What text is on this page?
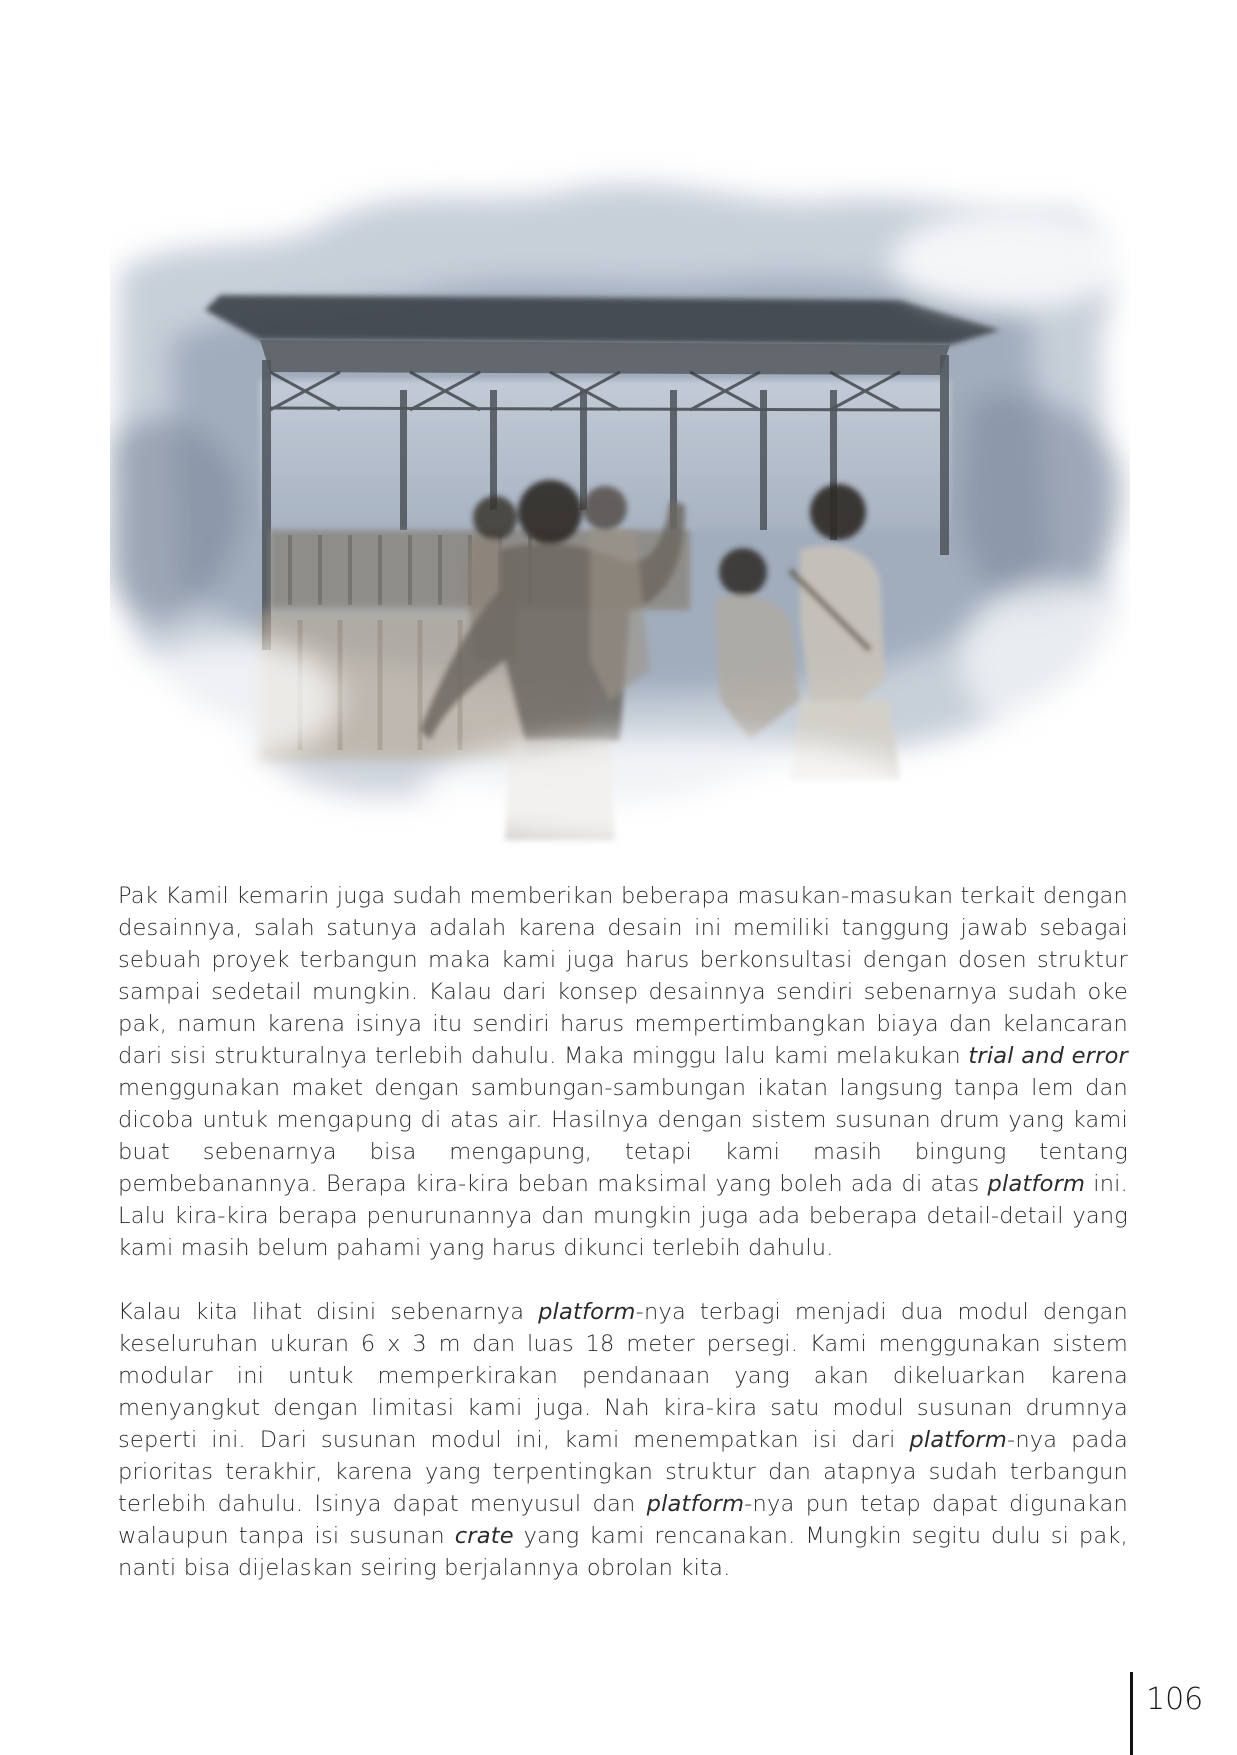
Pak Kamil kemarin juga sudah memberikan beberapa masukan-masukan terkait dengan desainnya, salah satunya adalah karena desain ini memiliki tanggung jawab sebagai sebuah proyek terbangun maka kami juga harus berkonsultasi dengan dosen struktur sampai sedetail mungkin. Kalau dari konsep desainnya sendiri sebenarnya sudah oke pak, namun karena isinya itu sendiri harus mempertimbangkan biaya dan kelancaran dari sisi strukturalnya terlebih dahulu. Maka minggu lalu kami melakukan trial and error menggunakan maket dengan sambungan-sambungan ikatan langsung tanpa lem dan dicoba untuk mengapung di atas air. Hasilnya dengan sistem susunan drum yang kami buat sebenarnya bisa mengapung, tetapi kami masih bingung tentang pembebanannya. Berapa kira-kira beban maksimal yang boleh ada di atas platform ini. Lalu kira-kira berapa penurunannya dan mungkin juga ada beberapa detail-detail yang kami masih belum pahami yang harus dikunci terlebih dahulu.

Kalau kita lihat disini sebenarnya platform-nya terbagi menjadi dua modul dengan keseluruhan ukuran 6 x 3 m dan luas 18 meter persegi. Kami menggunakan sistem modular ini untuk memperkirakan pendanaan yang akan dikeluarkan karena menyangkut dengan limitasi kami juga. Nah kira-kira satu modul susunan drumnya seperti ini. Dari susunan modul ini, kami menempatkan isi dari platform-nya pada prioritas terakhir, karena yang terpentingkan struktur dan atapnya sudah terbangun terlebih dahulu. Isinya dapat menyusul dan platform-nya pun tetap dapat digunakan walaupun tanpa isi susunan crate yang kami rencanakan. Mungkin segitu dulu si pak, nanti bisa dijelaskan seiring berjalannya obrolan kita.

106
